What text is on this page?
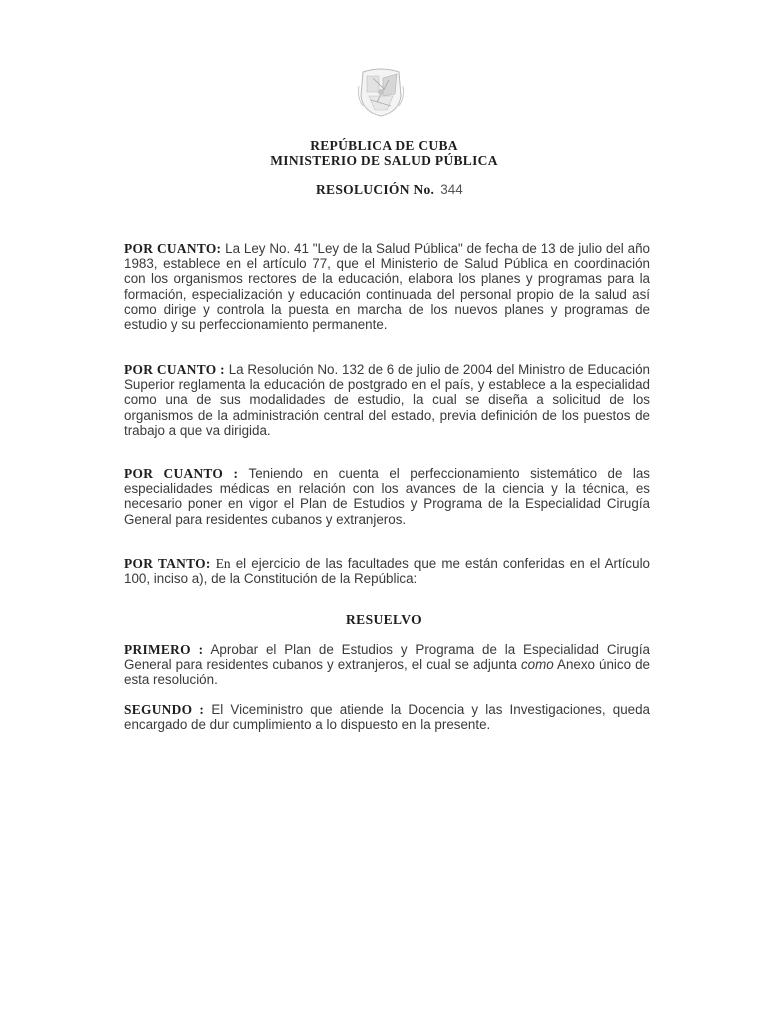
REPÚBLICA DE CUBA
MINISTERIO DE SALUD PÚBLICA
RESOLUCIÓN No. 344
POR CUANTO: La Ley No. 41 "Ley de la Salud Pública" de fecha de 13 de julio del año 1983, establece en el artículo 77, que el Ministerio de Salud Pública en coordinación con los organismos rectores de la educación, elabora los planes y programas para la formación, especialización y educación continuada del personal propio de la salud así como dirige y controla la puesta en marcha de los nuevos planes y programas de estudio y su perfeccionamiento permanente.
POR CUANTO : La Resolución No. 132 de 6 de julio de 2004 del Ministro de Educación Superior reglamenta la educación de postgrado en el país, y establece a la especialidad como una de sus modalidades de estudio, la cual se diseña a solicitud de los organismos de la administración central del estado, previa definición de los puestos de trabajo a que va dirigida.
POR CUANTO : Teniendo en cuenta el perfeccionamiento sistemático de las especialidades médicas en relación con los avances de la ciencia y la técnica, es necesario poner en vigor el Plan de Estudios y Programa de la Especialidad Cirugía General para residentes cubanos y extranjeros.
POR TANTO: En el ejercicio de las facultades que me están conferidas en el Artículo 100, inciso a), de la Constitución de la República:
RESUELVO
PRIMERO : Aprobar el Plan de Estudios y Programa de la Especialidad Cirugía General para residentes cubanos y extranjeros, el cual se adjunta como Anexo único de esta resolución.
SEGUNDO : El Viceministro que atiende la Docencia y las Investigaciones, queda encargado de dur cumplimiento a lo dispuesto en la presente.
